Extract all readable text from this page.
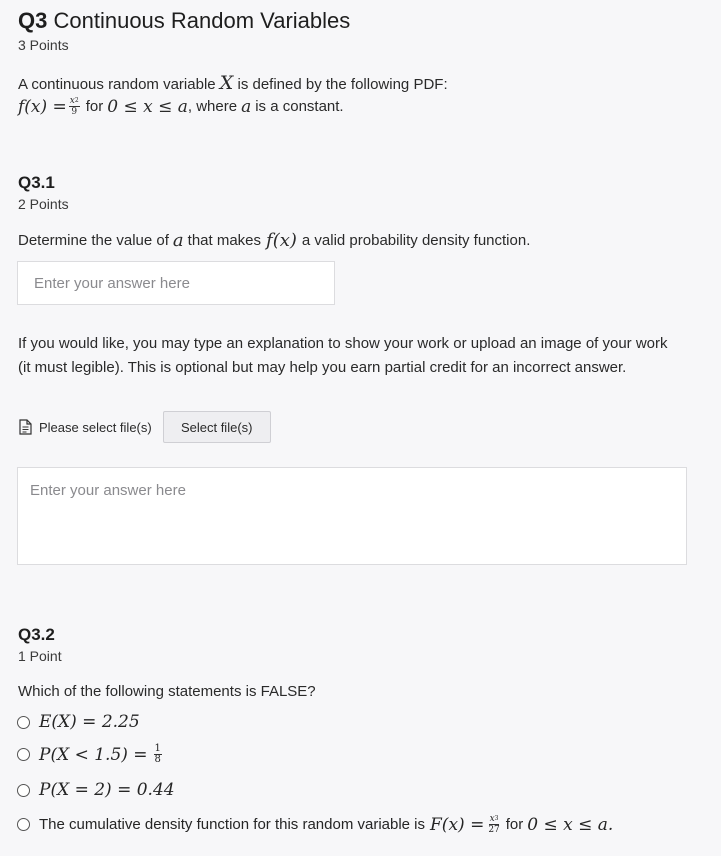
Q3 Continuous Random Variables
3 Points
A continuous random variable X is defined by the following PDF:
$f(x) = \frac{x^2}{9}$ for 0 ≤ x ≤ a , where a is a constant.
Q3.1
2 Points
Determine the value of a that makes f(x) a valid probability density function.
Enter your answer here
If you would like, you may type an explanation to show your work or upload an image of your work (it must legible). This is optional but may help you earn partial credit for an incorrect answer.
Please select file(s)	Select file(s)
Enter your answer here
Q3.2
1 Point
Which of the following statements is FALSE?
E(X) = 2.25
$P(X < 1.5) = \frac{1}{8}$
P(X = 2) = 0.44
The cumulative density function for this random variable is $F(x) = \frac{x^3}{27}$ for 0 ≤ x ≤ a.
